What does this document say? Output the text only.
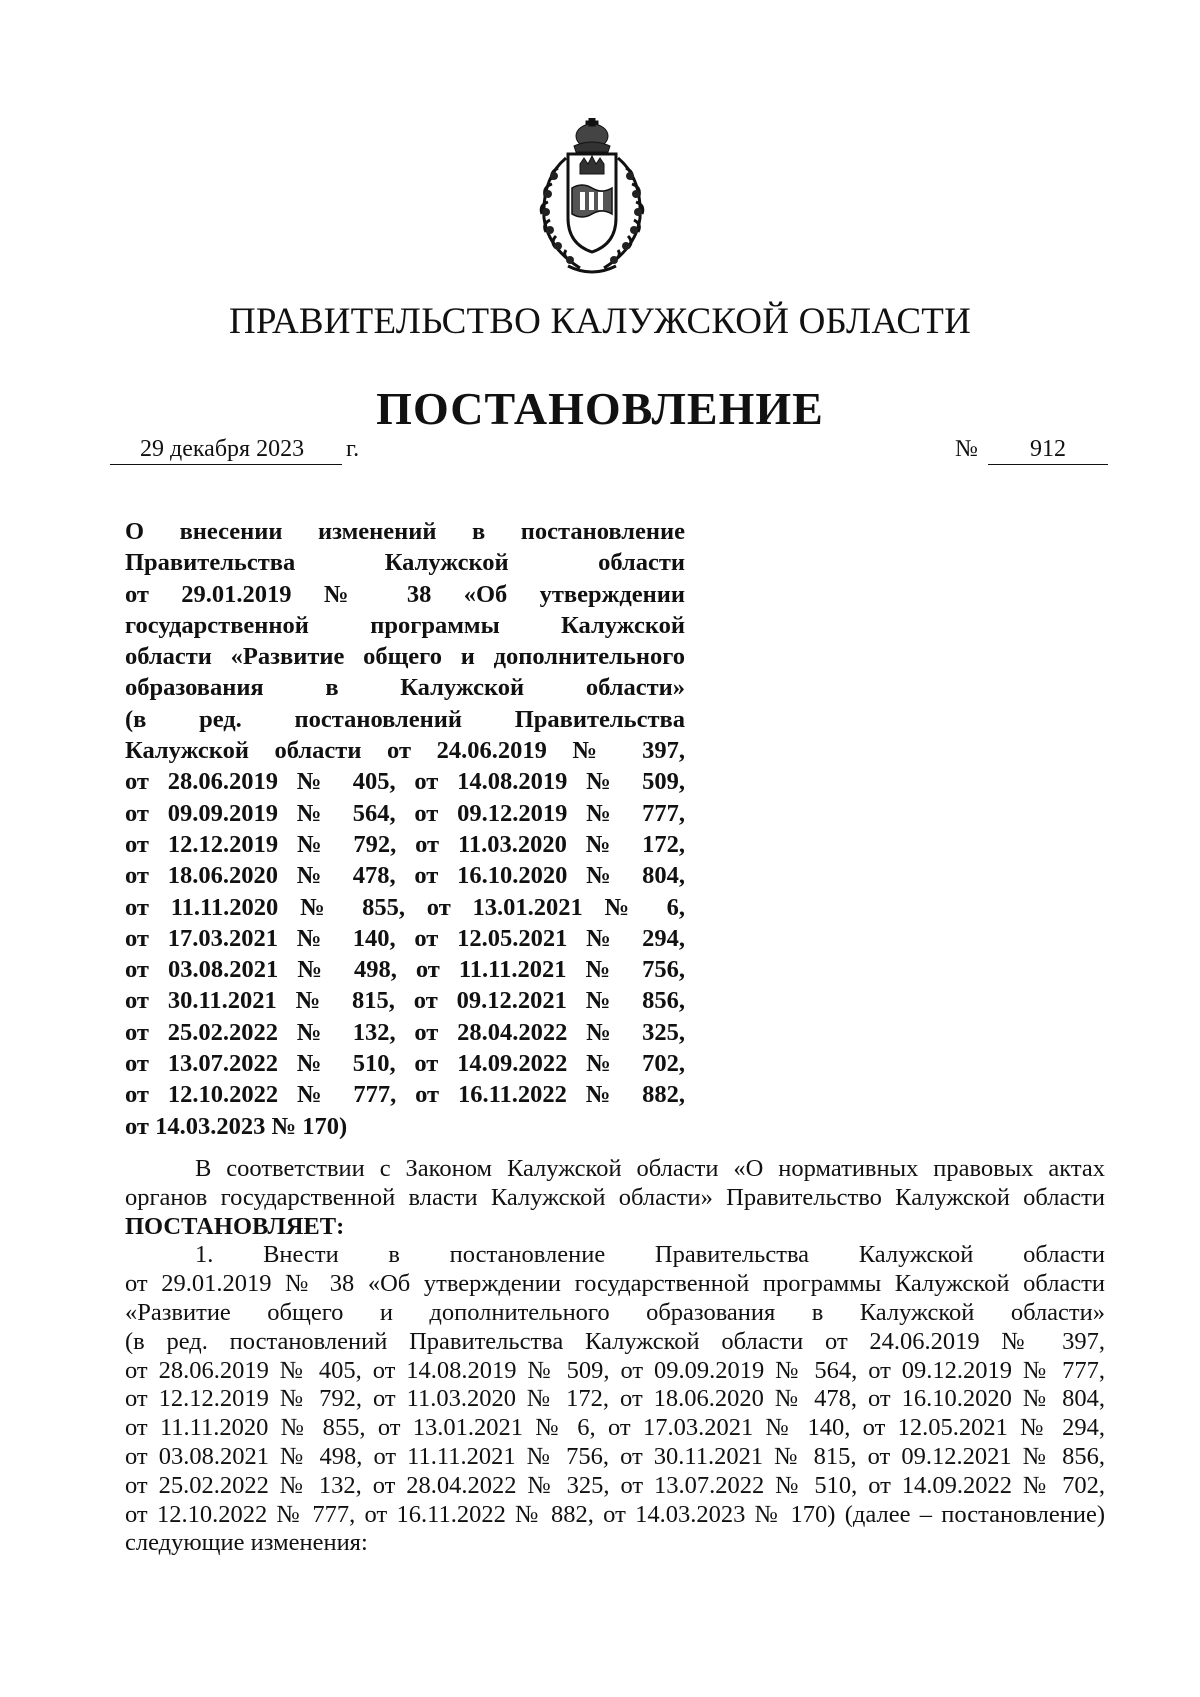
ПРАВИТЕЛЬСТВО КАЛУЖСКОЙ ОБЛАСТИ
ПОСТАНОВЛЕНИЕ
29 декабря 2023 г.	№	912
О внесении изменений в постановление
Правительства Калужской области
от 29.01.2019 № 38 «Об утверждении
государственной программы Калужской
области «Развитие общего и дополнительного
образования в Калужской области»
(в ред. постановлений Правительства
Калужской области от 24.06.2019 № 397,
от 28.06.2019 № 405, от 14.08.2019 № 509,
от 09.09.2019 № 564, от 09.12.2019 № 777,
от 12.12.2019 № 792, от 11.03.2020 № 172,
от 18.06.2020 № 478, от 16.10.2020 № 804,
от 11.11.2020 № 855, от 13.01.2021 № 6,
от 17.03.2021 № 140, от 12.05.2021 № 294,
от 03.08.2021 № 498, от 11.11.2021 № 756,
от 30.11.2021 № 815, от 09.12.2021 № 856,
от 25.02.2022 № 132, от 28.04.2022 № 325,
от 13.07.2022 № 510, от 14.09.2022 № 702,
от 12.10.2022 № 777, от 16.11.2022 № 882,
от 14.03.2023 № 170)
В соответствии с Законом Калужской области «О нормативных правовых актах
органов государственной власти Калужской области» Правительство Калужской области
ПОСТАНОВЛЯЕТ:
1. Внести в постановление Правительства Калужской области
от 29.01.2019 № 38 «Об утверждении государственной программы Калужской области
«Развитие общего и дополнительного образования в Калужской области»
(в ред. постановлений Правительства Калужской области от 24.06.2019 № 397,
от 28.06.2019 № 405, от 14.08.2019 № 509, от 09.09.2019 № 564, от 09.12.2019 № 777,
от 12.12.2019 № 792, от 11.03.2020 № 172, от 18.06.2020 № 478, от 16.10.2020 № 804,
от 11.11.2020 № 855, от 13.01.2021 № 6, от 17.03.2021 № 140, от 12.05.2021 № 294,
от 03.08.2021 № 498, от 11.11.2021 № 756, от 30.11.2021 № 815, от 09.12.2021 № 856,
от 25.02.2022 № 132, от 28.04.2022 № 325, от 13.07.2022 № 510, от 14.09.2022 № 702,
от 12.10.2022 № 777, от 16.11.2022 № 882, от 14.03.2023 № 170) (далее – постановление)
следующие изменения:
